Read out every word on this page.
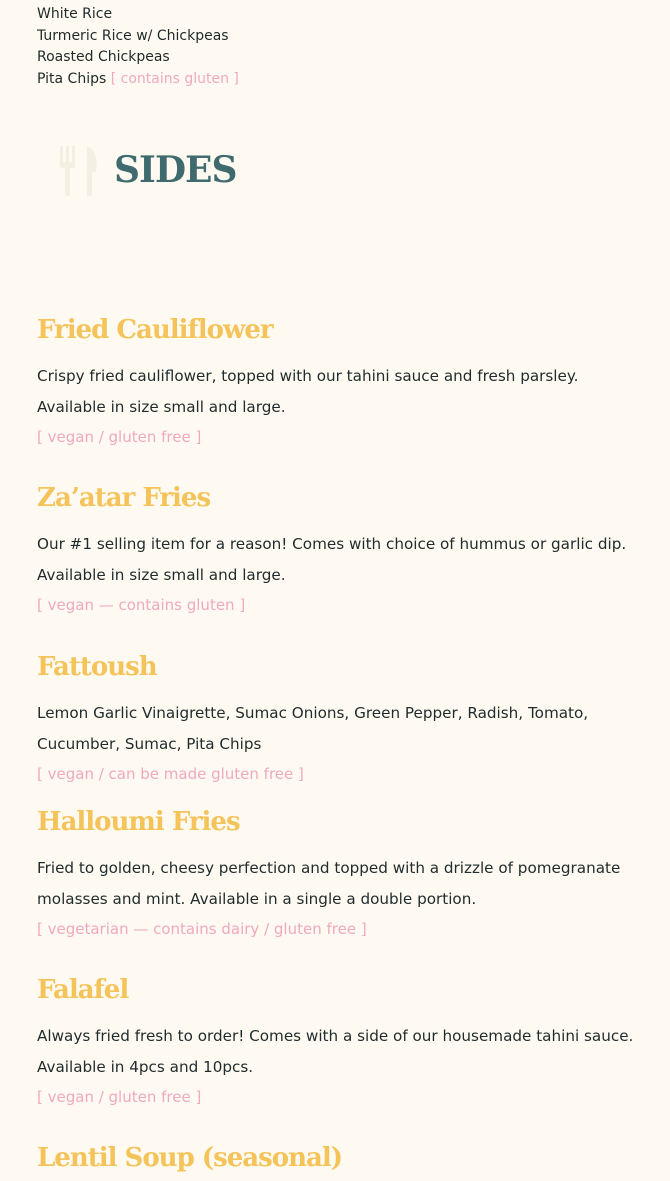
White Rice
Turmeric Rice w/ Chickpeas
Roasted Chickpeas
Pita Chips [ contains gluten ]
SIDES
Fried Cauliflower
Crispy fried cauliflower, topped with our tahini sauce and fresh parsley. Available in size small and large.
[ vegan / gluten free ]
Za’atar Fries
Our #1 selling item for a reason! Comes with choice of hummus or garlic dip. Available in size small and large.
[ vegan — contains gluten ]
Fattoush
Lemon Garlic Vinaigrette, Sumac Onions, Green Pepper, Radish, Tomato, Cucumber, Sumac, Pita Chips
[ vegan / can be made gluten free ]
Halloumi Fries
Fried to golden, cheesy perfection and topped with a drizzle of pomegranate molasses and mint. Available in a single a double portion.
[ vegetarian — contains dairy / gluten free ]
Falafel
Always fried fresh to order! Comes with a side of our housemade tahini sauce. Available in 4pcs and 10pcs.
[ vegan / gluten free ]
Lentil Soup (seasonal)
